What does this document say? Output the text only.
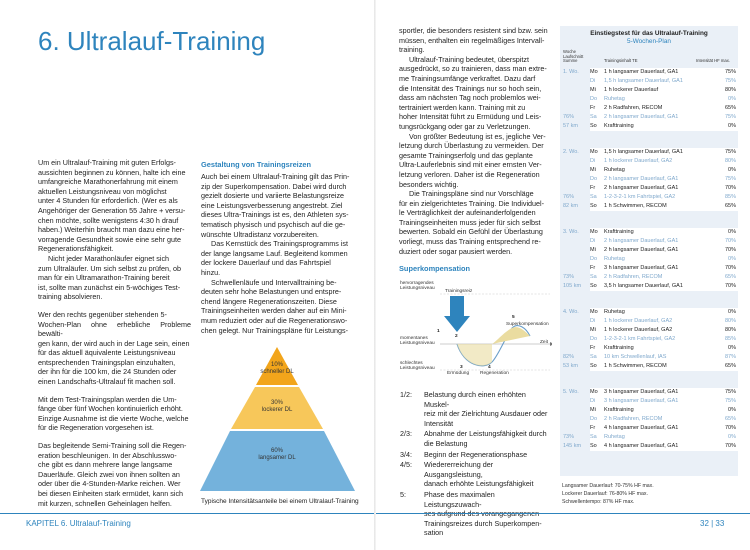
6. Ultralauf-Training

Um ein Ultralauf-Training mit guten Erfolgs-
aussichten beginnen zu können, halte ich eine
umfangreiche Marathonerfahrung mit einem
aktuellen Leistungsniveau von möglichst
unter 4 Stunden für erforderlich. (Wer es als
Angehöriger der Generation 55 Jahre + versu-
chen möchte, sollte wenigstens 4:30 h drauf
haben.) Weiterhin braucht man dazu eine her-
vorragende Gesundheit sowie eine sehr gute
Regenerationsfähigkeit.

Nicht jeder Marathonläufer eignet sich
zum Ultraläufer. Um sich selbst zu prüfen, ob
man für ein Ultramarathon-Training bereit
ist, sollte man zunächst ein 5-wöchiges Test-
training absolvieren.

Wer den rechts gegenüber stehenden 5-
Wochen-Plan ohne erhebliche Probleme bewälti-
gen kann, der wird auch in der Lage sein, einen
für das aktuell äquivalente Leistungsniveau
entsprechenden Trainingsplan einzuhalten,
der ihn für die 100 km, die 24 Stunden oder
einen Landschafts-Ultralauf fit machen soll.

Mit dem Test-Trainingsplan werden die Um-
fänge über fünf Wochen kontinuierlich erhöht.
Einzige Ausnahme ist die vierte Woche, welche
für die Regeneration vorgesehen ist.

Das begleitende Semi-Training soll die Regen-
eration beschleunigen. In der Abschlusswo-
che gibt es dann mehrere lange langsame
Dauerläufe. Gleich zwei von ihnen sollten an
oder über die 4-Stunden-Marke reichen. Wer
bei diesen Einheiten stark ermüdet, kann sich
mit kurzen, schnellen Geheinlagen helfen.

Gestaltung von Trainingsreizen

Auch bei einem Ultralauf-Training gilt das Prin-
zip der Superkompensation. Dabei wird durch
gezielt dosierte und variierte Belastungsreize
eine Leistungsverbesserung angestrebt. Ziel
dieses Ultra-Trainings ist es, den Athleten sys-
tematisch physisch und psychisch auf die ge-
wünschte Ultradistanz vorzubereiten.

Das Kernstück des Trainingsprogramms ist
der lange langsame Lauf. Begleitend kommen
der lockere Dauerlauf und das Fahrtspiel
hinzu.

Schwellenläufe und Intervalltraining be-
deuten sehr hohe Belastungen und entspre-
chend längere Regenerationszeiten. Diese
Trainingseinheiten werden daher auf ein Mini-
mum reduziert oder auf die Regenerationswo-
chen gelegt. Nur Trainingspläne für Leistungs-

10%
schneller DL
30%
lockerer DL
60%
langsamer DL
Typische Intensitätsanteile bei einem Ultralauf-Training
KAPITEL 6. Ultralauf-Training

sportler, die besonders resistent sind bzw. sein
müssen, enthalten ein regelmäßiges Intervall-
training.

Ultralauf-Training bedeutet, überspitzt
ausgedrückt, so zu trainieren, dass man extre-
me Trainingsumfänge verkraftet. Dazu darf
die Intensität des Trainings nur so hoch sein,
dass am nächsten Tag noch problemlos wei-
tertrainiert werden kann. Training mit zu
hoher Intensität führt zu Ermüdung und Leis-
tungsrückgang oder gar zu Verletzungen.

Von größter Bedeutung ist es, jegliche Ver-
letzung durch Überlastung zu vermeiden. Der
gesamte Trainingserfolg und das geplante
Ultra-Lauferlebnis sind mit einer ernsten Ver-
letzung verloren. Daher ist die Regeneration
besonders wichtig.

Die Trainingspläne sind nur Vorschläge
für ein zielgerichtetes Training. Die Individuel-
le Verträglichkeit der aufeinanderfolgenden
Trainingseinheiten muss jeder für sich selbst
bewerten. Sobald ein Gefühl der Überlastung
vorliegt, muss das Training entsprechend re-
duziert oder sogar pausiert werden.

Superkompensation
hervorragendes
Leistungsniveau
Trainingsreiz
Superkompensation
momentanes
Leistungsniveau	Zeit
schlechtes
Leistungsniveau
Ermüdung Regeneration
1
2
3	4
5
1/2:	Belastung durch einen erhöhten Muskel-
reiz mit der Zielrichtung Ausdauer oder
Intensität
2/3:	Abnahme der Leistungsfähigkeit durch
die Belastung
3/4:	Beginn der Regenerationsphase
4/5:	Wiedererreichung der Ausgangsleistung,
danach erhöhte Leistungsfähigkeit
5:	Phase des maximalen Leistungszuwach-

Trainingsreizes durch Superkompen-
sation
Einstiegstest für das Ultralauf-Training
5-Wochen-Plan
Woche
Laufschnitt
Summe	Trainingsinhalt TE	Intensität HF max.
1. Wo.	Mo	1 h langsamer Dauerlauf, GA1	75%
Di	1,5 h langsamer Dauerlauf, GA1	75%
Mi	1 h lockerer Dauerlauf	80%
Do	Ruhetag	0%
Fr	2 h Radfahren, RECOM	65%
76%	Sa	2 h langsamer Dauerlauf, GA1	75%
57 km	So	Krafttraining	0%
2. Wo.	Mo	1,5 h langsamer Dauerlauf, GA1	75%
Di	1 h lockerer Dauerlauf, GA2	80%
Mi	Ruhetag	0%
Do	2 h langsamer Dauerlauf, GA1	75%
Fr	2 h langsamer Dauerlauf, GA1	70%
76%	Sa	1-2-3-2-1 km Fahrtspiel, GA2	85%
82 km	So	1 h Schwimmen, RECOM	65%
3. Wo.	Mo	Krafttraining	0%
Di	2 h langsamer Dauerlauf, GA1	70%
Mi	2 h langsamer Dauerlauf, GA1	70%
Do	Ruhetag	0%
Fr	3 h langsamer Dauerlauf, GA1	70%
73%	Sa	2 h Radfahren, RECOM	65%
105 km	So	3,5 h langsamer Dauerlauf, GA1	70%
4. Wo.	Mo	Ruhetag	0%
Di	1 h lockerer Dauerlauf, GA2	80%
Mi	1 h lockerer Dauerlauf, GA2	80%
Do	1-2-3-2-1 km Fahrtspiel, GA2	85%
Fr	Krafttraining	0%
82%	Sa	10 km Schwellenlauf, IAS	87%
53 km	So	1 h Schwimmen, RECOM	65%
5. Wo.	Mo	3 h langsamer Dauerlauf, GA1	75%
Di	3 h langsamer Dauerlauf, GA1	75%
Mi	Krafttraining	0%
Do	2 h Radfahren, RECOM	65%
Fr	4 h langsamer Dauerlauf, GA1	70%
73%	Sa	Ruhetag	0%
145 km	So	4 h langsamer Dauerlauf, GA1	70%
Langsamer Dauerlauf: 70-75% HF max.
Lockerer Dauerlauf: 76-80% HF max.
Schwellentempo: 87% HF max.
32 | 33
